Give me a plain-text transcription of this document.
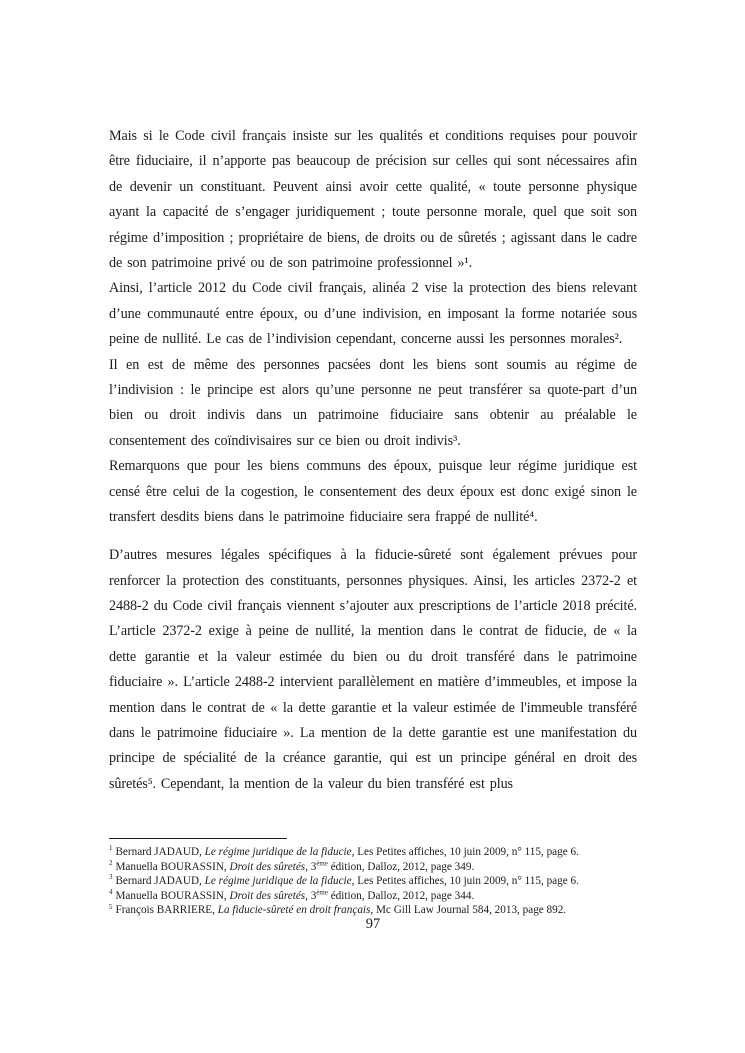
Mais si le Code civil français insiste sur les qualités et conditions requises pour pouvoir être fiduciaire, il n’apporte pas beaucoup de précision sur celles qui sont nécessaires afin de devenir un constituant. Peuvent ainsi avoir cette qualité, « toute personne physique ayant la capacité de s’engager juridiquement ; toute personne morale, quel que soit son régime d’imposition ; propriétaire de biens, de droits ou de sûretés ; agissant dans le cadre de son patrimoine privé ou de son patrimoine professionnel »¹.

Ainsi, l’article 2012 du Code civil français, alinéa 2 vise la protection des biens relevant d’une communauté entre époux, ou d’une indivision, en imposant la forme notariée sous peine de nullité. Le cas de l’indivision cependant, concerne aussi les personnes morales².

Il en est de même des personnes pacsées dont les biens sont soumis au régime de l’indivision : le principe est alors qu’une personne ne peut transférer sa quote-part d’un bien ou droit indivis dans un patrimoine fiduciaire sans obtenir au préalable le consentement des coïndivisaires sur ce bien ou droit indivis³.

Remarquons que pour les biens communs des époux, puisque leur régime juridique est censé être celui de la cogestion, le consentement des deux époux est donc exigé sinon le transfert desdits biens dans le patrimoine fiduciaire sera frappé de nullité⁴.

D’autres mesures légales spécifiques à la fiducie-sûreté sont également prévues pour renforcer la protection des constituants, personnes physiques. Ainsi, les articles 2372-2 et 2488-2 du Code civil français viennent s’ajouter aux prescriptions de l’article 2018 précité. L’article 2372-2 exige à peine de nullité, la mention dans le contrat de fiducie, de « la dette garantie et la valeur estimée du bien ou du droit transféré dans le patrimoine fiduciaire ». L’article 2488-2 intervient parallèlement en matière d’immeubles, et impose la mention dans le contrat de « la dette garantie et la valeur estimée de l'immeuble transféré dans le patrimoine fiduciaire ». La mention de la dette garantie est une manifestation du principe de spécialité de la créance garantie, qui est un principe général en droit des sûretés⁵. Cependant, la mention de la valeur du bien transféré est plus

$^1$ Bernard JADAUD, Le régime juridique de la fiducie, Les Petites affiches, 10 juin 2009, n° 115, page 6.
$^2$ Manuella BOURASSIN, Droit des sûretés, 3ème édition, Dalloz, 2012, page 349.
$^3$ Bernard JADAUD, Le régime juridique de la fiducie, Les Petites affiches, 10 juin 2009, n° 115, page 6.
$^4$ Manuella BOURASSIN, Droit des sûretés, 3ème édition, Dalloz, 2012, page 344.
$^5$ François BARRIERE, La fiducie-sûreté en droit français, Mc Gill Law Journal 584, 2013, page 892.
97
